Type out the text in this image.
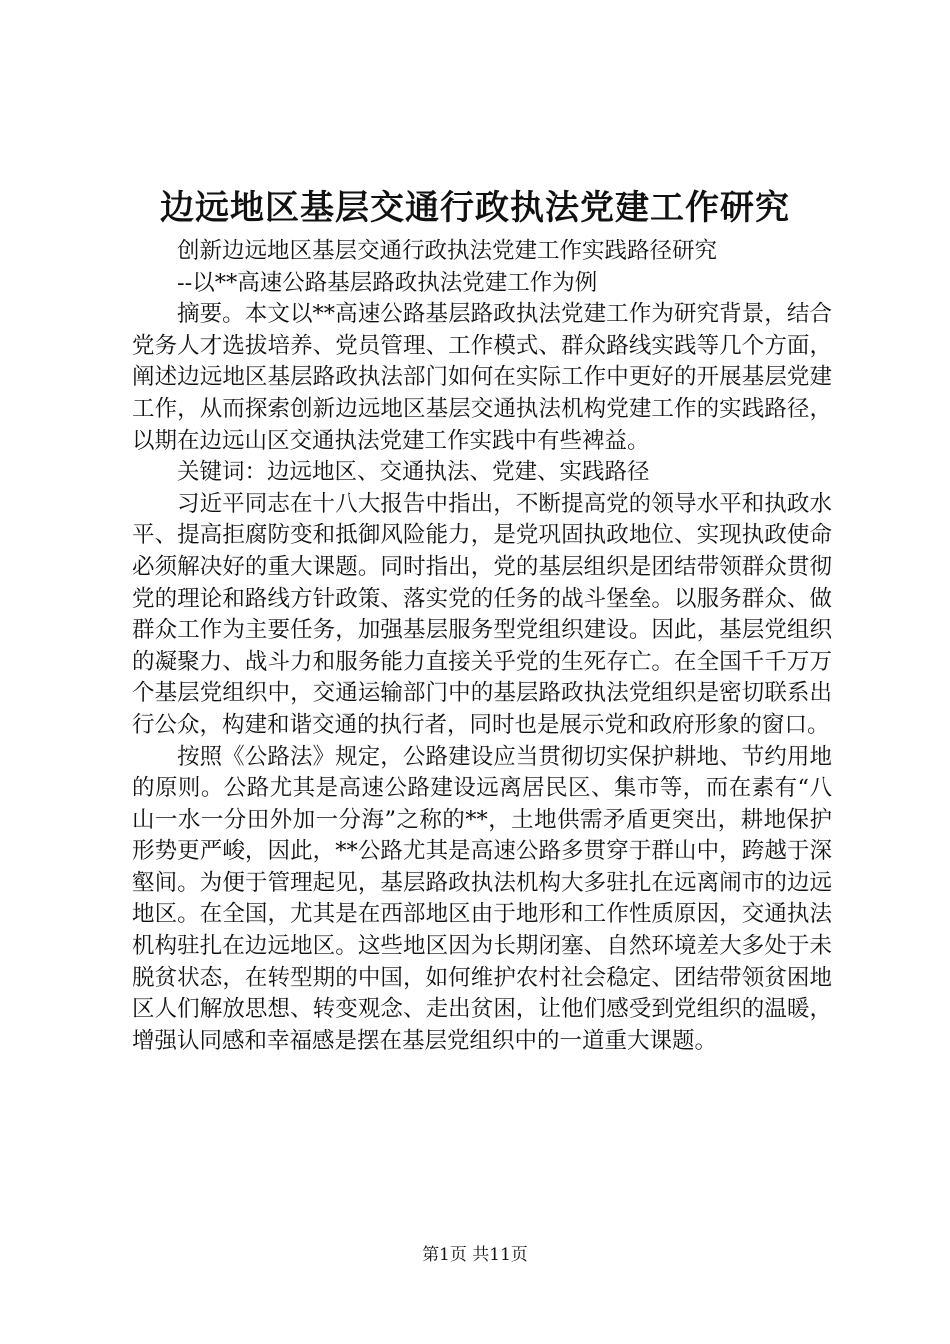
边远地区基层交通行政执法党建工作研究

创新边远地区基层交通行政执法党建工作实践路径研究

--以**高速公路基层路政执法党建工作为例

摘要。本文以**高速公路基层路政执法党建工作为研究背景，结合党务人才选拔培养、党员管理、工作模式、群众路线实践等几个方面，阐述边远地区基层路政执法部门如何在实际工作中更好的开展基层党建工作，从而探索创新边远地区基层交通执法机构党建工作的实践路径，以期在边远山区交通执法党建工作实践中有些裨益。

关键词：边远地区、交通执法、党建、实践路径

习近平同志在十八大报告中指出，不断提高党的领导水平和执政水平、提高拒腐防变和抵御风险能力，是党巩固执政地位、实现执政使命必须解决好的重大课题。同时指出，党的基层组织是团结带领群众贯彻党的理论和路线方针政策、落实党的任务的战斗堡垒。以服务群众、做群众工作为主要任务，加强基层服务型党组织建设。因此，基层党组织的凝聚力、战斗力和服务能力直接关乎党的生死存亡。在全国千千万万个基层党组织中，交通运输部门中的基层路政执法党组织是密切联系出行公众，构建和谐交通的执行者，同时也是展示党和政府形象的窗口。

按照《公路法》规定，公路建设应当贯彻切实保护耕地、节约用地的原则。公路尤其是高速公路建设远离居民区、集市等，而在素有“八山一水一分田外加一分海”之称的**，土地供需矛盾更突出，耕地保护形势更严峻，因此，**公路尤其是高速公路多贯穿于群山中，跨越于深壑间。为便于管理起见，基层路政执法机构大多驻扎在远离闹市的边远地区。在全国，尤其是在西部地区由于地形和工作性质原因，交通执法机构驻扎在边远地区。这些地区因为长期闭塞、自然环境差大多处于未脱贫状态，在转型期的中国，如何维护农村社会稳定、团结带领贫困地区人们解放思想、转变观念、走出贫困，让他们感受到党组织的温暖，增强认同感和幸福感是摆在基层党组织中的一道重大课题。

第1页 共11页
